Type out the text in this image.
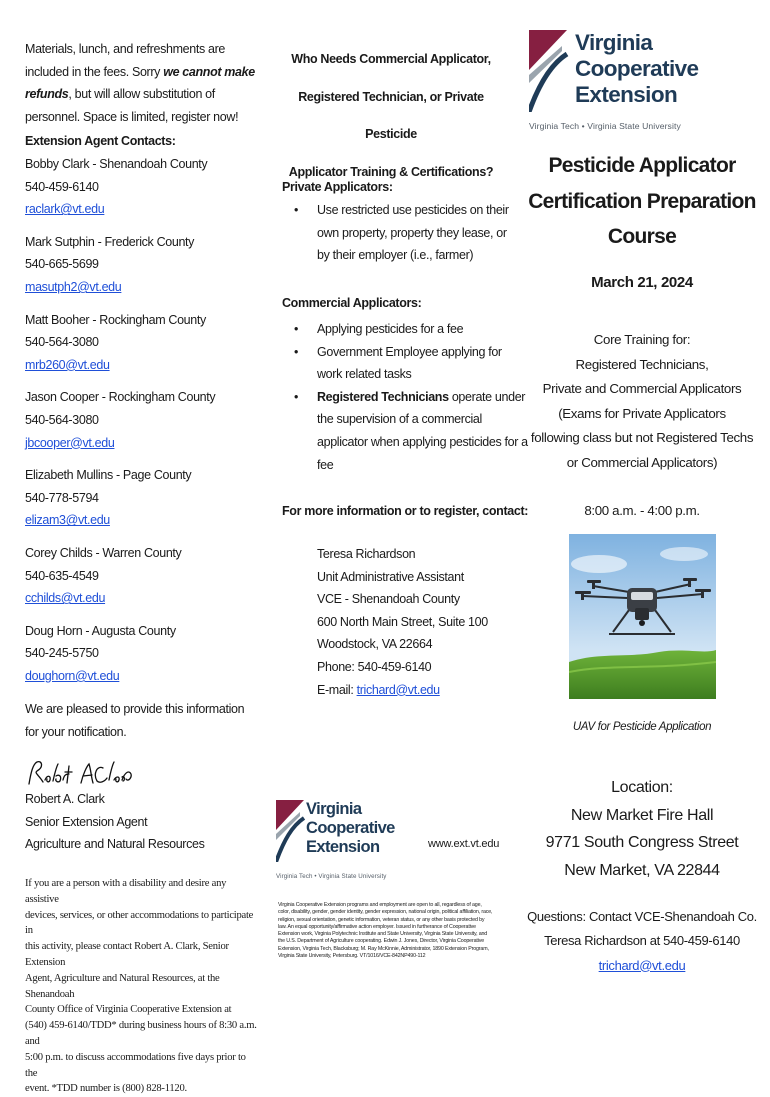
Materials, lunch, and refreshments are
included in the fees. Sorry we cannot make
refunds, but will allow substitution of
personnel. Space is limited, register now!
Extension Agent Contacts:
Bobby Clark - Shenandoah County
540-459-6140
raclark@vt.edu
Mark Sutphin - Frederick County
540-665-5699
masutph2@vt.edu
Matt Booher - Rockingham County
540-564-3080
mrb260@vt.edu
Jason Cooper - Rockingham County
540-564-3080
jbcooper@vt.edu
Elizabeth Mullins - Page County
540-778-5794
elizam3@vt.edu
Corey Childs - Warren County
540-635-4549
cchilds@vt.edu
Doug Horn - Augusta County
540-245-5750
doughorn@vt.edu
We are pleased to provide this information
for your notification.
Robert A. Clark
Senior Extension Agent
Agriculture and Natural Resources
If you are a person with a disability and desire any assistive
devices, services, or other accommodations to participate in
this activity, please contact Robert A. Clark, Senior Extension
Agent, Agriculture and Natural Resources, at the Shenandoah
County Office of Virginia Cooperative Extension at
(540) 459-6140/TDD* during business hours of 8:30 a.m. and
5:00 p.m. to discuss accommodations five days prior to the
event. *TDD number is (800) 828-1120.
Who Needs Commercial Applicator,
Registered Technician, or Private Pesticide
Applicator Training & Certifications?
Private Applicators:
• Use restricted use pesticides on their own property, property they lease, or by their employer (i.e., farmer)
Commercial Applicators:
• Applying pesticides for a fee
• Government Employee applying for work related tasks
• Registered Technicians operate under the supervision of a commercial applicator when applying pesticides for a fee
For more information or to register, contact:
Teresa Richardson
Unit Administrative Assistant
VCE - Shenandoah County
600 North Main Street, Suite 100
Woodstock, VA 22664
Phone: 540-459-6140
E-mail: trichard@vt.edu
Virginia
Cooperative
Extension
Virginia Tech • Virginia State University
www.ext.vt.edu
Virginia Cooperative Extension programs and employment are open to all, regardless of age, color, disability, gender, gender identity, gender expression, national origin, political affiliation, race, religion, sexual orientation, genetic information, veteran status, or any other basis protected by law. An equal opportunity/affirmative action employer. Issued in furtherance of Cooperative Extension work, Virginia Polytechnic Institute and State University, Virginia State University, and the U.S. Department of Agriculture cooperating. Edwin J. Jones, Director, Virginia Cooperative Extension, Virginia Tech, Blacksburg; M. Ray McKinnie, Administrator, 1890 Extension Program, Virginia State University, Petersburg. VT/1016/VCE-842NP490-112
Virginia
Cooperative
Extension
Virginia Tech • Virginia State University
Pesticide Applicator
Certification Preparation
Course
March 21, 2024
Core Training for:
Registered Technicians,
Private and Commercial Applicators
(Exams for Private Applicators
following class but not Registered Techs
or Commercial Applicators)
8:00 a.m. - 4:00 p.m.
UAV for Pesticide Application
Location:
New Market Fire Hall
9771 South Congress Street
New Market, VA 22844
Questions: Contact VCE-Shenandoah Co.
Teresa Richardson at 540-459-6140
trichard@vt.edu
